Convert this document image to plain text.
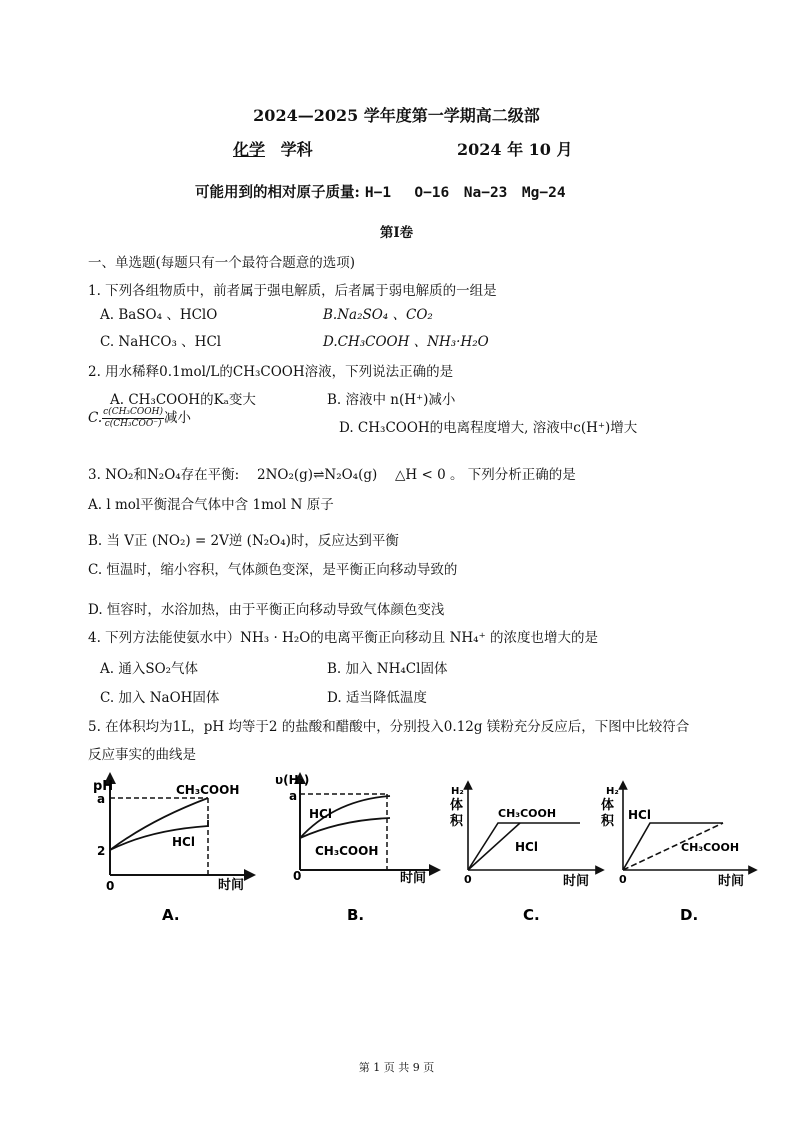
2024—2025 学年度第一学期高二级部
化学 学科	2024 年 10 月
可能用到的相对原子质量: H−1　 O−16　Na−23　Mg−24
第Ⅰ卷
一、单选题(每题只有一个最符合题意的选项)
1. 下列各组物质中，前者属于强电解质，后者属于弱电解质的一组是
A. BaSO₄ 、HClO	B.Na₂SO₄ 、CO₂
C. NaHCO₃ 、HCl	D.CH₃COOH 、NH₃·H₂O
2. 用水稀释0.1mol/L的CH₃COOH溶液，下列说法正确的是
A. CH₃COOH的Kₐ变大	B. 溶液中 n(H⁺)减小
C. $\frac{\text{c(CH₃COOH)}}{\text{c(CH₃COO⁻)}}$ 减小
D. CH₃COOH的电离程度增大, 溶液中c(H⁺)增大
3. NO₂和N₂O₄存在平衡:　 2NO₂(g)⇌N₂O₄(g)　 △H < 0 。 下列分析正确的是
A. l mol平衡混合气体中含 1mol N 原子
B. 当 V正 (NO₂) = 2V逆 (N₂O₄)时，反应达到平衡
C. 恒温时，缩小容积，气体颜色变深，是平衡正向移动导致的
D. 恒容时，水浴加热，由于平衡正向移动导致气体颜色变浅
4. 下列方法能使氨水中）NH₃ · H₂O的电离平衡正向移动且 NH₄⁺ 的浓度也增大的是
A. 通入SO₂气体	B. 加入 NH₄Cl固体
C. 加入 NaOH固体	D. 适当降低温度
5. 在体积均为1L，pH 均等于2 的盐酸和醋酸中，分别投入0.12g 镁粉充分反应后，下图中比较符合
反应事实的曲线是
pH
a
2
0	时间
CH₃COOH
HCl
A.
υ(H₂)
a
0	时间
HCl
CH₃COOH
B.
H₂
体
积
0	时间
CH₃COOH
HCl
C.
H₂
体
积
0	时间
HCl
CH₃COOH
D.
第 1 页 共 9 页
